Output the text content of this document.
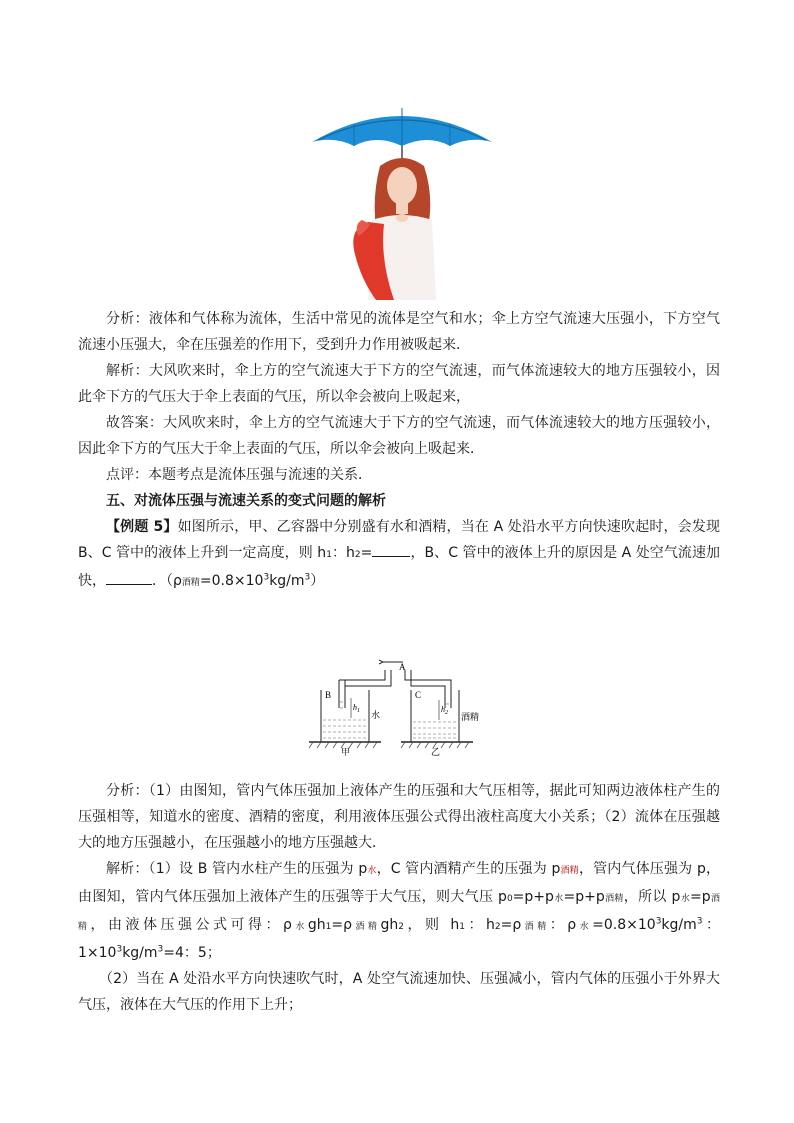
A
B	C
$h_1$	$h_2$
水	酒精
甲	乙

分析：液体和气体称为流体，生活中常见的流体是空气和水；伞上方空气流速大压强小，下方空气流速小压强大，伞在压强差的作用下，受到升力作用被吸起来．

解析：大风吹来时，伞上方的空气流速大于下方的空气流速，而气体流速较大的地方压强较小，因此伞下方的气压大于伞上表面的气压，所以伞会被向上吸起来，

故答案：大风吹来时，伞上方的空气流速大于下方的空气流速，而气体流速较大的地方压强较小，因此伞下方的气压大于伞上表面的气压，所以伞会被向上吸起来．

点评：本题考点是流体压强与流速的关系．

五、对流体压强与流速关系的变式问题的解析

【例题 5】如图所示，甲、乙容器中分别盛有水和酒精，当在 A 处沿水平方向快速吹起时，会发现 B、C 管中的液体上升到一定高度，则 h1：h2=	，B、C 管中的液体上升的原因是 A 处空气流速加快，	．（ρ酒精$=0.8\times 10^3kg/m^3$）

分析：（1）由图知，管内气体压强加上液体产生的压强和大气压相等，据此可知两边液体柱产生的压强相等，知道水的密度、酒精的密度，利用液体压强公式得出液柱高度大小关系；（2）流体在压强越大的地方压强越小，在压强越小的地方压强越大．

解析：（1）设 B 管内水柱产生的压强为 p水，C 管内酒精产生的压强为 p酒精，管内气体压强为 p，由图知，管内气体压强加上液体产生的压强等于大气压，则大气压 p0=p+p水=p+p酒精，所以 p水=p酒精，由液体压强公式可得：ρ水gh1=ρ酒精gh2，则 h1：h2=ρ酒精：ρ水$=0.8\times 10^3kg/m^3$：$1\times 10^3kg/m^3=4$：5；

（2）当在 A 处沿水平方向快速吹气时，A 处空气流速加快、压强减小，管内气体的压强小于外界大气压，液体在大气压的作用下上升；
